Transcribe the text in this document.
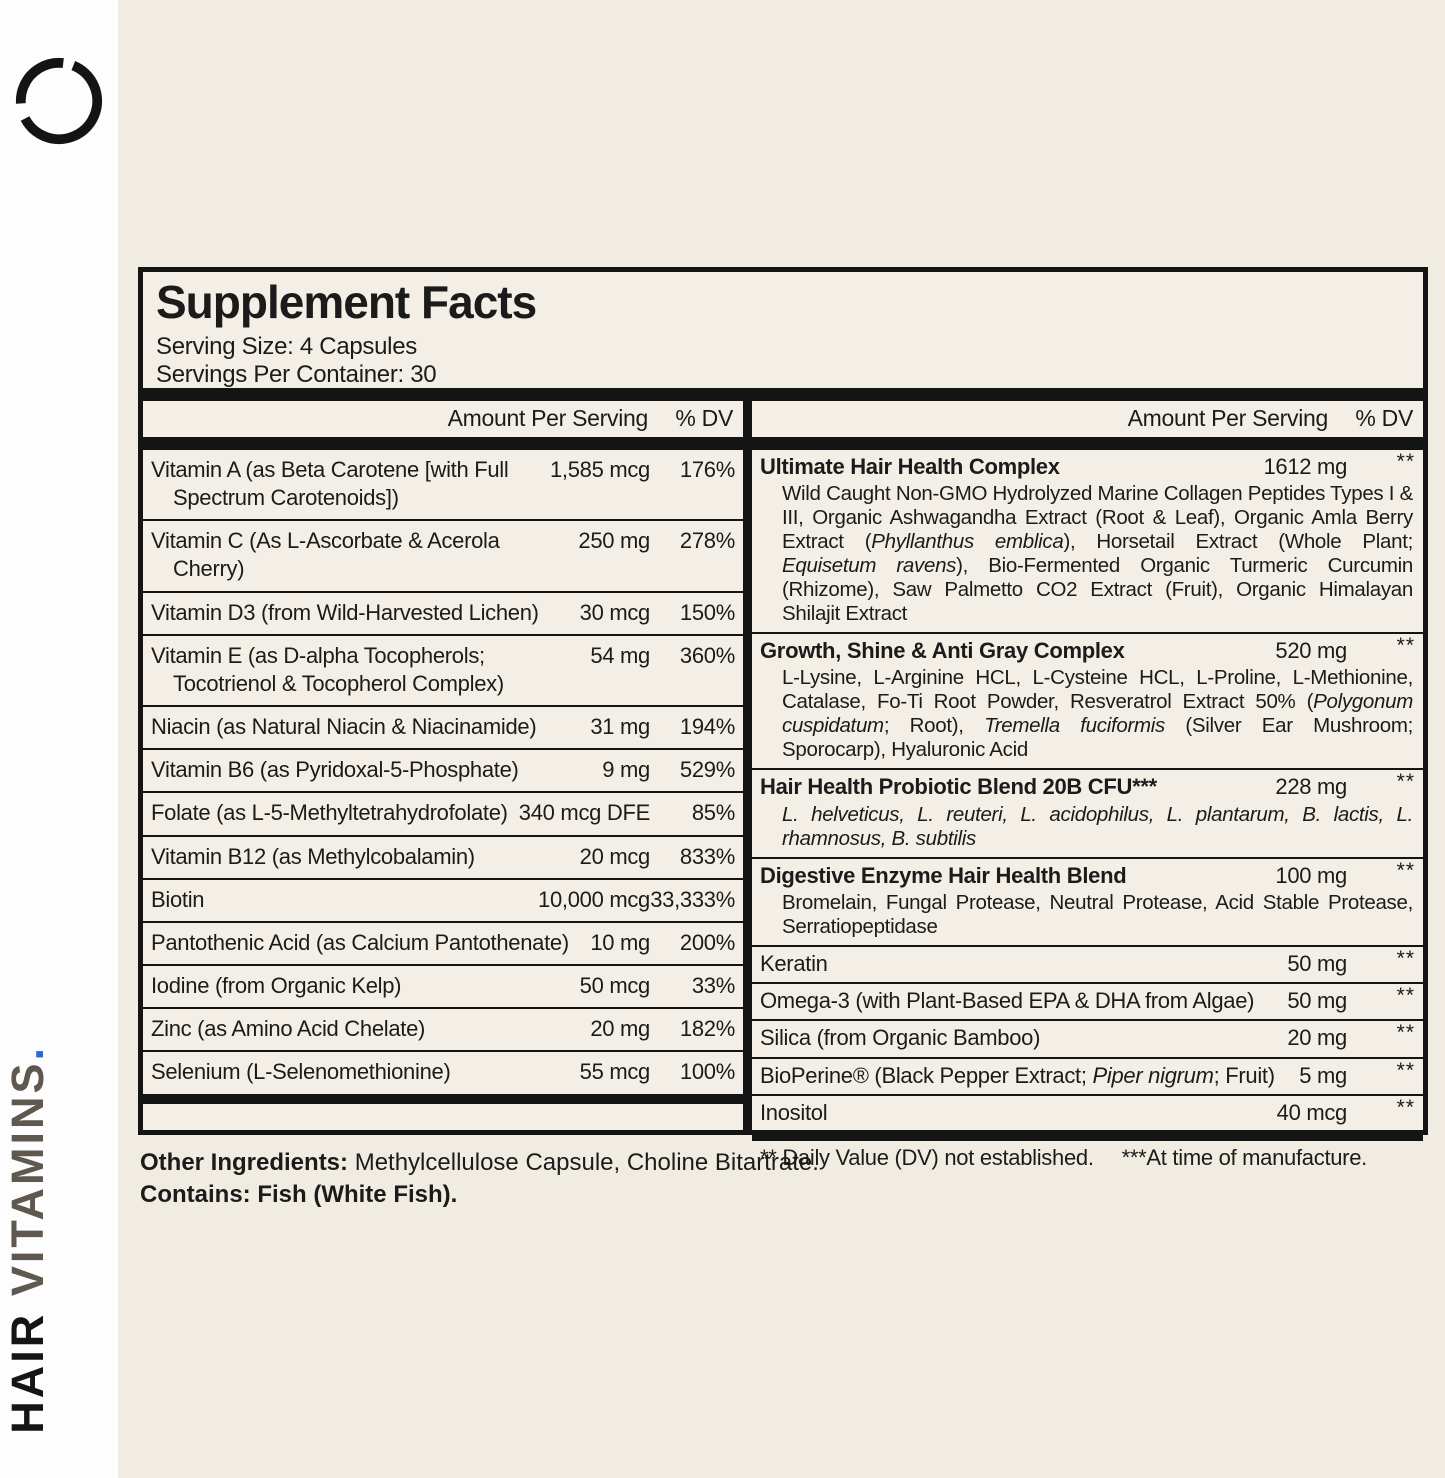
HAIR VITAMINS.
Supplement Facts
Serving Size: 4 Capsules
Servings Per Container: 30
Amount Per Serving	% DV
Vitamin A (as Beta Carotene [with Full Spectrum Carotenoids])
1,585 mcg	176%
Vitamin C (As L-Ascorbate & Acerola Cherry)
250 mg	278%
Vitamin D3 (from Wild-Harvested Lichen)	30 mcg	150%
Vitamin E (as D-alpha Tocopherols; Tocotrienol & Tocopherol Complex)
54 mg	360%
Niacin (as Natural Niacin & Niacinamide)	31 mg	194%
Vitamin B6 (as Pyridoxal-5-Phosphate)	9 mg	529%
Folate (as L-5-Methyltetrahydrofolate) 340 mcg DFE	85%
Vitamin B12 (as Methylcobalamin)	20 mcg	833%
Biotin	10,000 mcg 33,333%
Pantothenic Acid (as Calcium Pantothenate) 10 mg	200%
Iodine (from Organic Kelp)	50 mcg	33%
Zinc (as Amino Acid Chelate)	20 mg	182%
Selenium (L-Selenomethionine)	55 mcg	100%
Amount Per Serving	% DV
Ultimate Hair Health Complex	1612 mg	**
Wild Caught Non-GMO Hydrolyzed Marine Collagen Peptides Types I & III, Organic Ashwagandha Extract (Root & Leaf), Organic Amla Berry Extract (Phyllanthus emblica), Horsetail Extract (Whole Plant; Equisetum ravens), Bio-Fermented Organic Turmeric Curcumin (Rhizome), Saw Palmetto CO2 Extract (Fruit), Organic Himalayan Shilajit Extract
Growth, Shine & Anti Gray Complex	520 mg	**
L-Lysine, L-Arginine HCL, L-Cysteine HCL, L-Proline, L-Methionine, Catalase, Fo-Ti Root Powder, Resveratrol Extract 50% (Polygonum cuspidatum; Root), Tremella fuciformis (Silver Ear Mushroom; Sporocarp), Hyaluronic Acid
Hair Health Probiotic Blend 20B CFU***	228 mg	**
L. helveticus, L. reuteri, L. acidophilus, L. plantarum, B. lactis, L. rhamnosus, B. subtilis
Digestive Enzyme Hair Health Blend	100 mg	**
Bromelain, Fungal Protease, Neutral Protease, Acid Stable Protease, Serratiopeptidase
Keratin	50 mg	**
Omega-3 (with Plant-Based EPA & DHA from Algae)	50 mg	**
Silica (from Organic Bamboo)	20 mg	**
BioPerine® (Black Pepper Extract; Piper nigrum; Fruit)	5 mg	**
Inositol	40 mcg	**
** Daily Value (DV) not established. ***At time of manufacture.
Other Ingredients: Methylcellulose Capsule, Choline Bitartrate.
Contains: Fish (White Fish).
